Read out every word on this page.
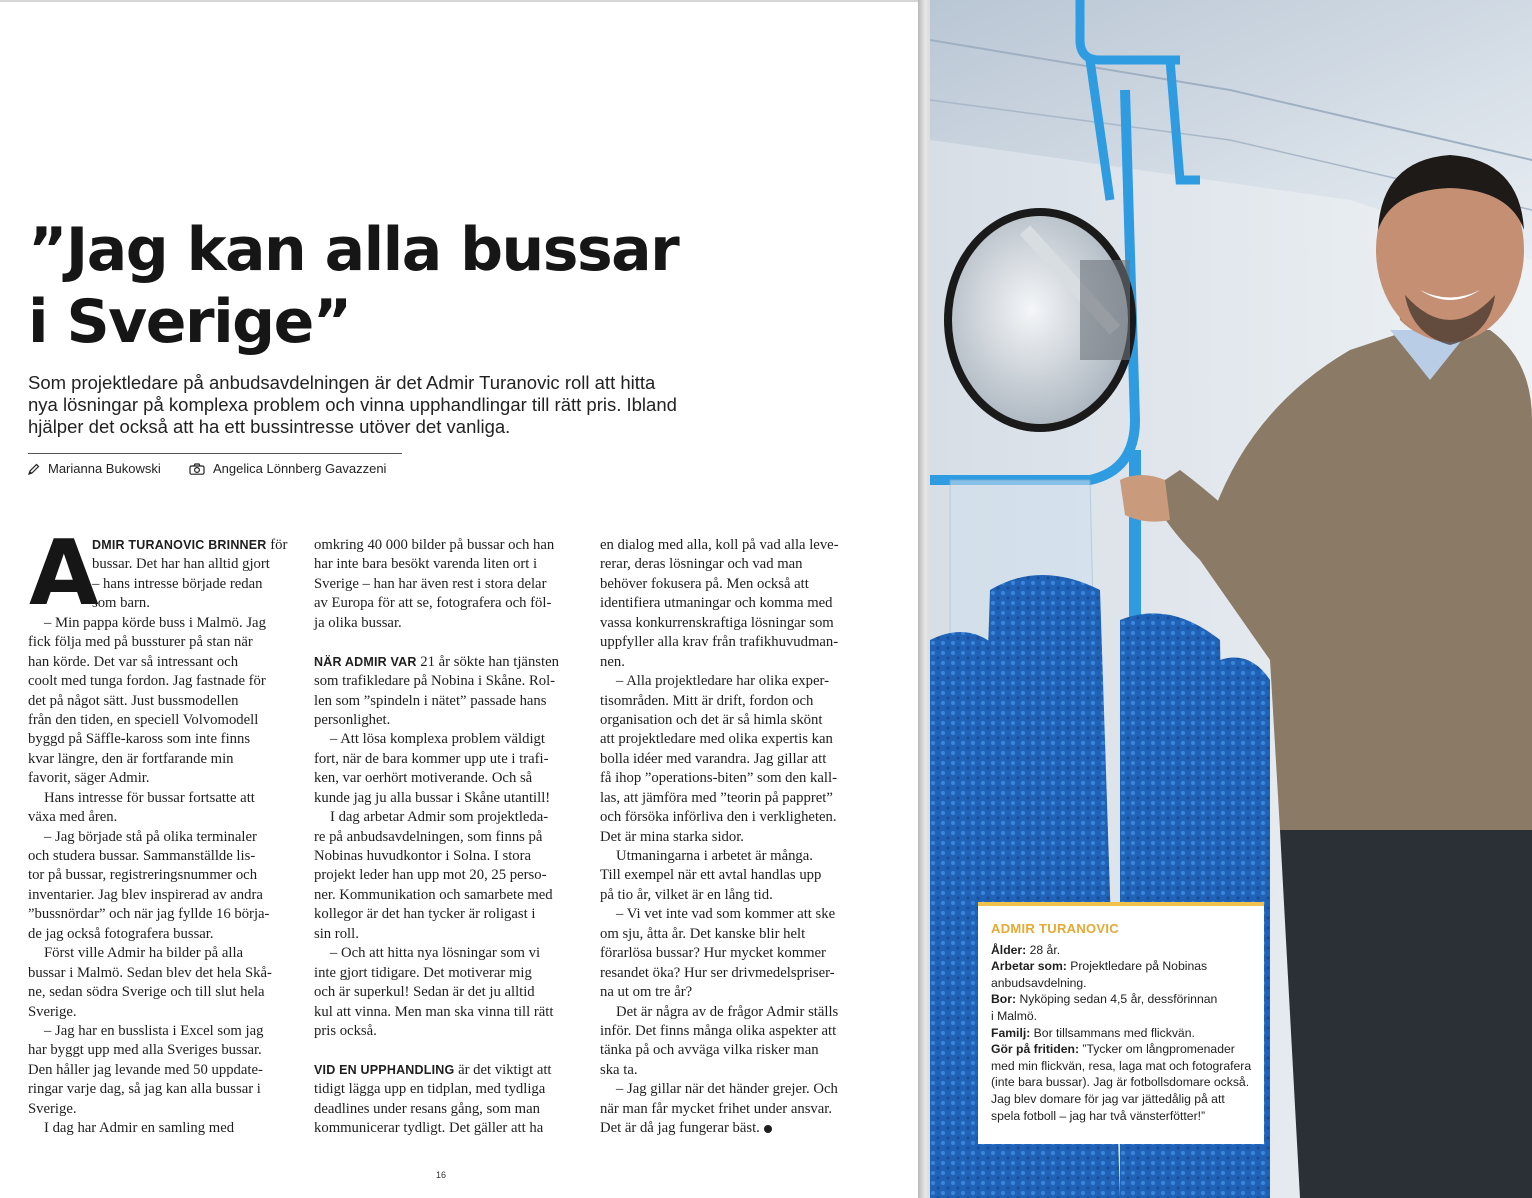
”Jag kan alla bussar
i Sverige”

Som projektledare på anbudsavdelningen är det Admir Turanovic roll att hitta
nya lösningar på komplexa problem och vinna upphandlingar till rätt pris. Ibland
hjälper det också att ha ett bussintresse utöver det vanliga.

Marianna Bukowski	Angelica Lönnberg Gavazzeni
A
DMIR TURANOVIC BRINNER för
bussar. Det har han alltid gjort
– hans intresse började redan
som barn.
– Min pappa körde buss i Malmö. Jag
fick följa med på bussturer på stan när
han körde. Det var så intressant och
coolt med tunga fordon. Jag fastnade för
det på något sätt. Just bussmodellen
från den tiden, en speciell Volvomodell
byggd på Säffle-kaross som inte finns
kvar längre, den är fortfarande min
favorit, säger Admir.
Hans intresse för bussar fortsatte att
växa med åren.
– Jag började stå på olika terminaler
och studera bussar. Sammanställde lis-
tor på bussar, registreringsnummer och
inventarier. Jag blev inspirerad av andra
”bussnördar” och när jag fyllde 16 börja-
de jag också fotografera bussar.
Först ville Admir ha bilder på alla
bussar i Malmö. Sedan blev det hela Skå-
ne, sedan södra Sverige och till slut hela
Sverige.
– Jag har en busslista i Excel som jag
har byggt upp med alla Sveriges bussar.
Den håller jag levande med 50 uppdate-
ringar varje dag, så jag kan alla bussar i
Sverige.
I dag har Admir en samling med
omkring 40 000 bilder på bussar och han
har inte bara besökt varenda liten ort i
Sverige – han har även rest i stora delar
av Europa för att se, fotografera och föl-
ja olika bussar.
NÄR ADMIR VAR 21 år sökte han tjänsten
som trafikledare på Nobina i Skåne. Rol-
len som ”spindeln i nätet” passade hans
personlighet.
– Att lösa komplexa problem väldigt
fort, när de bara kommer upp ute i trafi-
ken, var oerhört motiverande. Och så
kunde jag ju alla bussar i Skåne utantill!
I dag arbetar Admir som projektleda-
re på anbudsavdelningen, som finns på
Nobinas huvudkontor i Solna. I stora
projekt leder han upp mot 20, 25 perso-
ner. Kommunikation och samarbete med
kollegor är det han tycker är roligast i
sin roll.
– Och att hitta nya lösningar som vi
inte gjort tidigare. Det motiverar mig
och är superkul! Sedan är det ju alltid
kul att vinna. Men man ska vinna till rätt
pris också.
VID EN UPPHANDLING är det viktigt att
tidigt lägga upp en tidplan, med tydliga
deadlines under resans gång, som man
kommunicerar tydligt. Det gäller att ha
en dialog med alla, koll på vad alla leve-
rerar, deras lösningar och vad man
behöver fokusera på. Men också att
identifiera utmaningar och komma med
vassa konkurrenskraftiga lösningar som
uppfyller alla krav från trafikhuvudman-
nen.
– Alla projektledare har olika exper-
tisområden. Mitt är drift, fordon och
organisation och det är så himla skönt
att projektledare med olika expertis kan
bolla idéer med varandra. Jag gillar att
få ihop ”operations-biten” som den kall-
las, att jämföra med ”teorin på pappret”
och försöka införliva den i verkligheten.
Det är mina starka sidor.
Utmaningarna i arbetet är många.
Till exempel när ett avtal handlas upp
på tio år, vilket är en lång tid.
– Vi vet inte vad som kommer att ske
om sju, åtta år. Det kanske blir helt
förarlösa bussar? Hur mycket kommer
resandet öka? Hur ser drivmedelspriser-
na ut om tre år?
Det är några av de frågor Admir ställs
inför. Det finns många olika aspekter att
tänka på och avväga vilka risker man
ska ta.
– Jag gillar när det händer grejer. Och
när man får mycket frihet under ansvar.
Det är då jag fungerar bäst.
16
ADMIR TURANOVIC
Ålder: 28 år.
Arbetar som: Projektledare på Nobinas
anbudsavdelning.
Bor: Nyköping sedan 4,5 år, dessförinnan
i Malmö.
Familj: Bor tillsammans med flickvän.
Gör på fritiden: ”Tycker om långpromenader
med min flickvän, resa, laga mat och fotografera
(inte bara bussar). Jag är fotbollsdomare också.
Jag blev domare för jag var jättedålig på att
spela fotboll – jag har två vänsterfötter!”
